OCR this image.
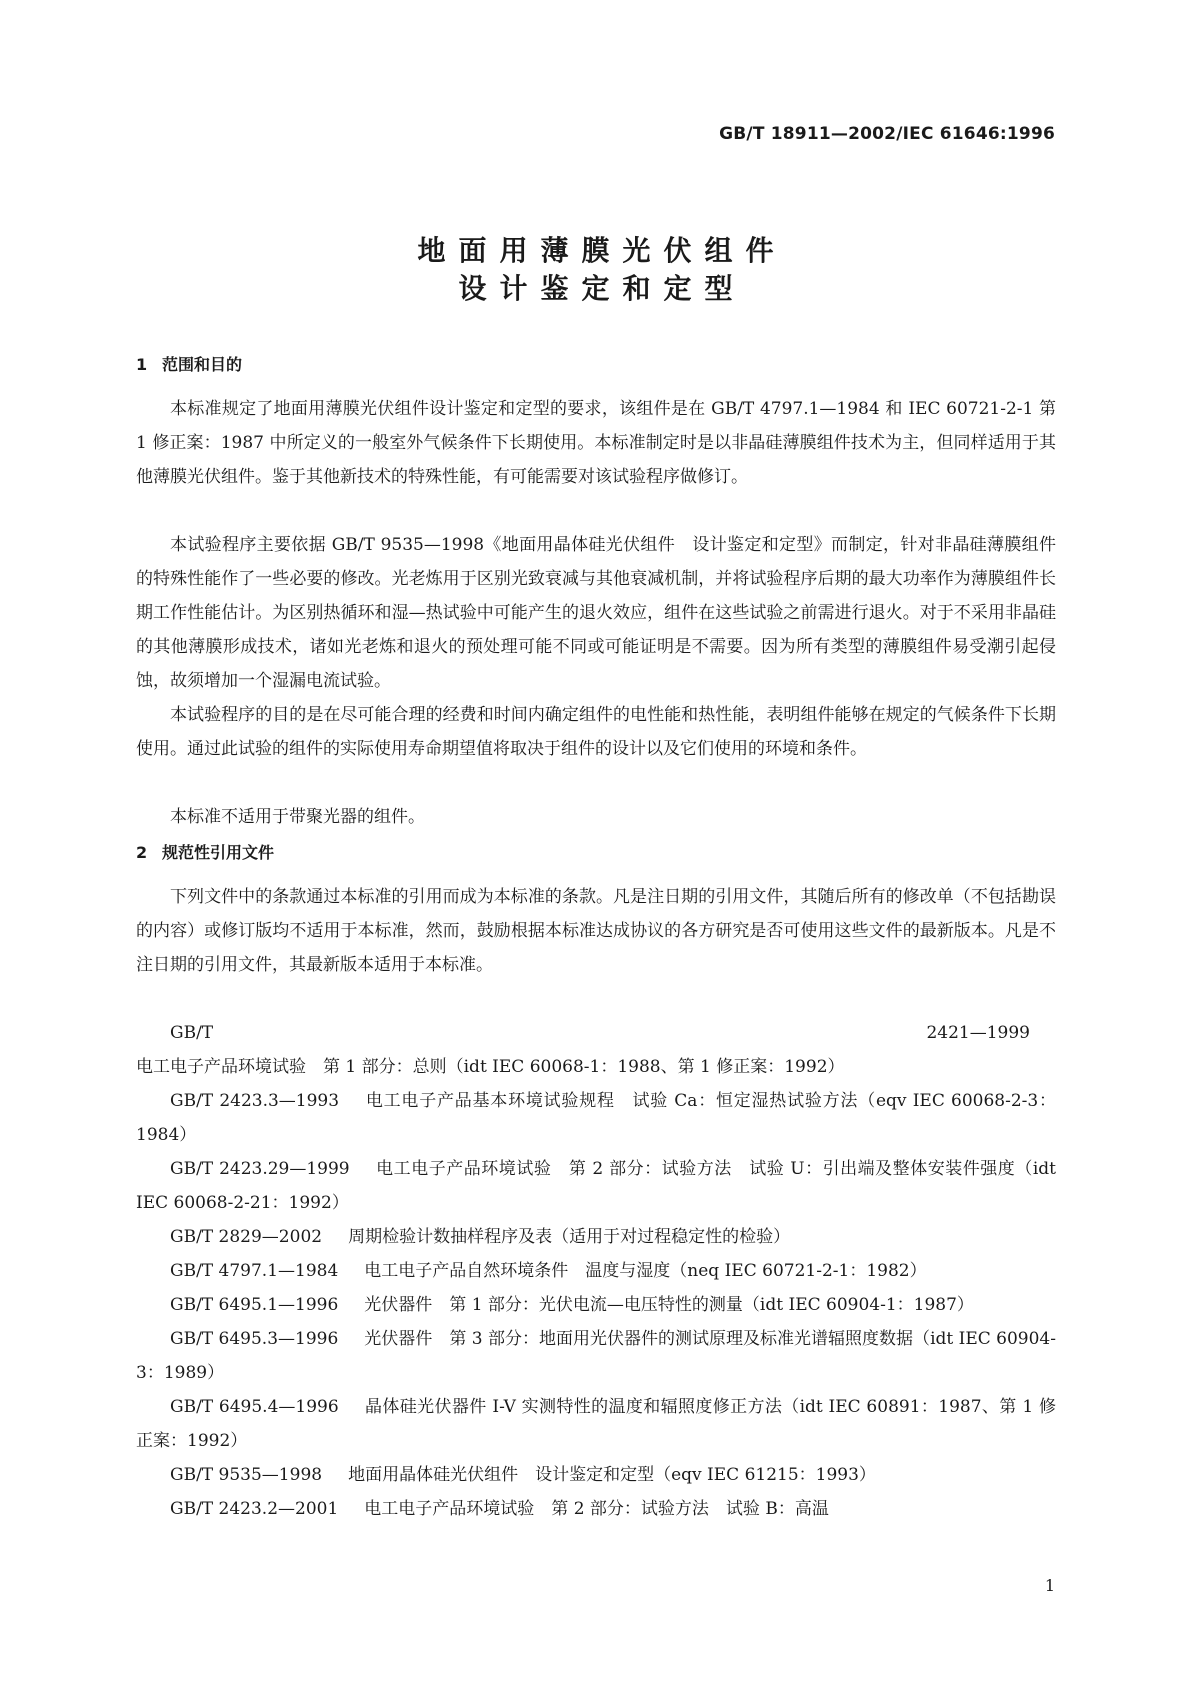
GB/T 18911—2002/IEC 61646:1996
地面用薄膜光伏组件
设计鉴定和定型
1 范围和目的

本标准规定了地面用薄膜光伏组件设计鉴定和定型的要求，该组件是在 GB/T 4797.1—1984 和 IEC 60721-2-1 第 1 修正案：1987 中所定义的一般室外气候条件下长期使用。本标准制定时是以非晶硅薄膜组件技术为主，但同样适用于其他薄膜光伏组件。鉴于其他新技术的特殊性能，有可能需要对该试验程序做修订。

本试验程序主要依据 GB/T 9535—1998《地面用晶体硅光伏组件　设计鉴定和定型》而制定，针对非晶硅薄膜组件的特殊性能作了一些必要的修改。光老炼用于区别光致衰减与其他衰减机制，并将试验程序后期的最大功率作为薄膜组件长期工作性能估计。为区别热循环和湿—热试验中可能产生的退火效应，组件在这些试验之前需进行退火。对于不采用非晶硅的其他薄膜形成技术，诸如光老炼和退火的预处理可能不同或可能证明是不需要。因为所有类型的薄膜组件易受潮引起侵蚀，故须增加一个湿漏电流试验。

本试验程序的目的是在尽可能合理的经费和时间内确定组件的电性能和热性能，表明组件能够在规定的气候条件下长期使用。通过此试验的组件的实际使用寿命期望值将取决于组件的设计以及它们使用的环境和条件。

本标准不适用于带聚光器的组件。

2 规范性引用文件

下列文件中的条款通过本标准的引用而成为本标准的条款。凡是注日期的引用文件，其随后所有的修改单（不包括勘误的内容）或修订版均不适用于本标准，然而，鼓励根据本标准达成协议的各方研究是否可使用这些文件的最新版本。凡是不注日期的引用文件，其最新版本适用于本标准。

GB/T 2421—1999电工电子产品环境试验　第 1 部分：总则（idt IEC 60068-1：1988、第 1 修正案：1992）

GB/T 2423.3—1993 电工电子产品基本环境试验规程　试验 Ca：恒定湿热试验方法（eqv IEC 60068-2-3：1984）

GB/T 2423.29—1999 电工电子产品环境试验　第 2 部分：试验方法　试验 U：引出端及整体安装件强度（idt IEC 60068-2-21：1992）

GB/T 2829—2002 周期检验计数抽样程序及表（适用于对过程稳定性的检验）

GB/T 4797.1—1984 电工电子产品自然环境条件　温度与湿度（neq IEC 60721-2-1：1982）

GB/T 6495.1—1996 光伏器件　第 1 部分：光伏电流—电压特性的测量（idt IEC 60904-1：1987）

GB/T 6495.3—1996 光伏器件　第 3 部分：地面用光伏器件的测试原理及标准光谱辐照度数据（idt IEC 60904-3：1989）

GB/T 6495.4—1996 晶体硅光伏器件 I-V 实测特性的温度和辐照度修正方法（idt IEC 60891：1987、第 1 修正案：1992）

GB/T 9535—1998 地面用晶体硅光伏组件　设计鉴定和定型（eqv IEC 61215：1993）

GB/T 2423.2—2001 电工电子产品环境试验　第 2 部分：试验方法　试验 B：高温

1
